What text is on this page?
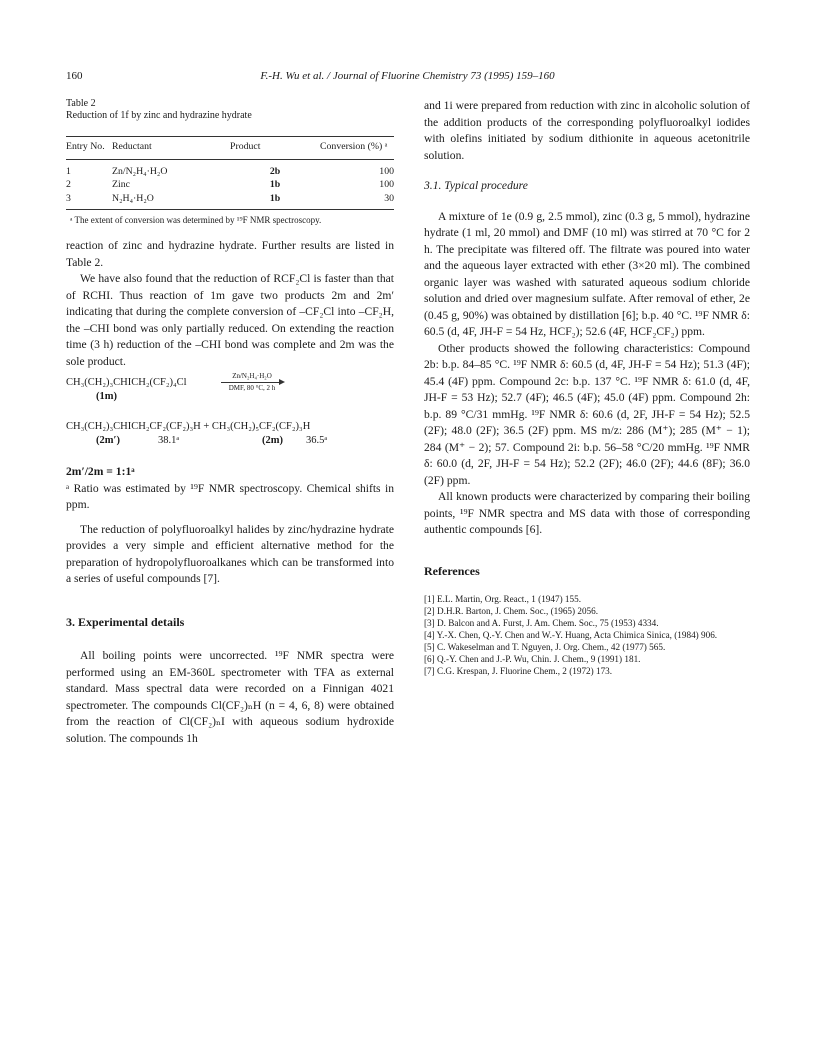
160	F.-H. Wu et al. / Journal of Fluorine Chemistry 73 (1995) 159–160
Table 2
Reduction of 1f by zinc and hydrazine hydrate
Entry No.	Reductant	Product	Conversion (%) ᵃ
1	Zn/N₂H₄·H₂O	2b	100
2	Zinc	1b	100
3	N₂H₄·H₂O	1b	30
ᵃ The extent of conversion was determined by ¹⁹F NMR spectroscopy.

reaction of zinc and hydrazine hydrate. Further results are listed in Table 2.

We have also found that the reduction of RCF₂Cl is faster than that of RCHI. Thus reaction of 1m gave two products 2m and 2m′ indicating that during the complete conversion of –CF₂Cl into –CF₂H, the –CHI bond was only partially reduced. On extending the reaction time (3 h) reduction of the –CHI bond was complete and 2m was the sole product.

CH₃(CH₂)₃CHICH₂(CF₂)₄Cl
Zn/N₂H₄·H₂O
DMF, 80 °C, 2 h
(1m)
CH₃(CH₂)₃CHICH₂CF₂(CF₂)₃H + CH₃(CH₂)₅CF₂(CF₂)₃H
(2m′)	38.1ᵃ	(2m) 36.5ᵃ

2m′/2m = 1:1ᵃ

ᵃ Ratio was estimated by ¹⁹F NMR spectroscopy. Chemical shifts in ppm.

The reduction of polyfluoroalkyl halides by zinc/hydrazine hydrate provides a very simple and efficient alternative method for the preparation of hydropolyfluoroalkanes which can be transformed into a series of useful compounds [7].

3. Experimental details

All boiling points were uncorrected. ¹⁹F NMR spectra were performed using an EM-360L spectrometer with TFA as external standard. Mass spectral data were recorded on a Finnigan 4021 spectrometer. The compounds Cl(CF₂)ₙH (n = 4, 6, 8) were obtained from the reaction of Cl(CF₂)ₙI with aqueous sodium hydroxide solution. The compounds 1h

and 1i were prepared from reduction with zinc in alcoholic solution of the addition products of the corresponding polyfluoroalkyl iodides with olefins initiated by sodium dithionite in aqueous acetonitrile solution.

3.1. Typical procedure

A mixture of 1e (0.9 g, 2.5 mmol), zinc (0.3 g, 5 mmol), hydrazine hydrate (1 ml, 20 mmol) and DMF (10 ml) was stirred at 70 °C for 2 h. The precipitate was filtered off. The filtrate was poured into water and the aqueous layer extracted with ether (3×20 ml). The combined organic layer was washed with saturated aqueous sodium chloride solution and dried over magnesium sulfate. After removal of ether, 2e (0.45 g, 90%) was obtained by distillation [6]; b.p. 40 °C. ¹⁹F NMR δ: 60.5 (d, 4F, JH-F = 54 Hz, HCF₂); 52.6 (4F, HCF₂CF₂) ppm.

Other products showed the following characteristics: Compound 2b: b.p. 84–85 °C. ¹⁹F NMR δ: 60.5 (d, 4F, JH-F = 54 Hz); 51.3 (4F); 45.4 (4F) ppm. Compound 2c: b.p. 137 °C. ¹⁹F NMR δ: 61.0 (d, 4F, JH-F = 53 Hz); 52.7 (4F); 46.5 (4F); 45.0 (4F) ppm. Compound 2h: b.p. 89 °C/31 mmHg. ¹⁹F NMR δ: 60.6 (d, 2F, JH-F = 54 Hz); 52.5 (2F); 48.0 (2F); 36.5 (2F) ppm. MS m/z: 286 (M⁺); 285 (M⁺ − 1); 284 (M⁺ − 2); 57. Compound 2i: b.p. 56–58 °C/20 mmHg. ¹⁹F NMR δ: 60.0 (d, 2F, JH-F = 54 Hz); 52.2 (2F); 46.0 (2F); 44.6 (8F); 36.0 (2F) ppm.

All known products were characterized by comparing their boiling points, ¹⁹F NMR spectra and MS data with those of corresponding authentic compounds [6].

References

[1] E.L. Martin, Org. React., 1 (1947) 155.
[2] D.H.R. Barton, J. Chem. Soc., (1965) 2056.
[3] D. Balcon and A. Furst, J. Am. Chem. Soc., 75 (1953) 4334.
[4] Y.-X. Chen, Q.-Y. Chen and W.-Y. Huang, Acta Chimica Sinica, (1984) 906.
[5] C. Wakeselman and T. Nguyen, J. Org. Chem., 42 (1977) 565.
[6] Q.-Y. Chen and J.-P. Wu, Chin. J. Chem., 9 (1991) 181.
[7] C.G. Krespan, J. Fluorine Chem., 2 (1972) 173.
